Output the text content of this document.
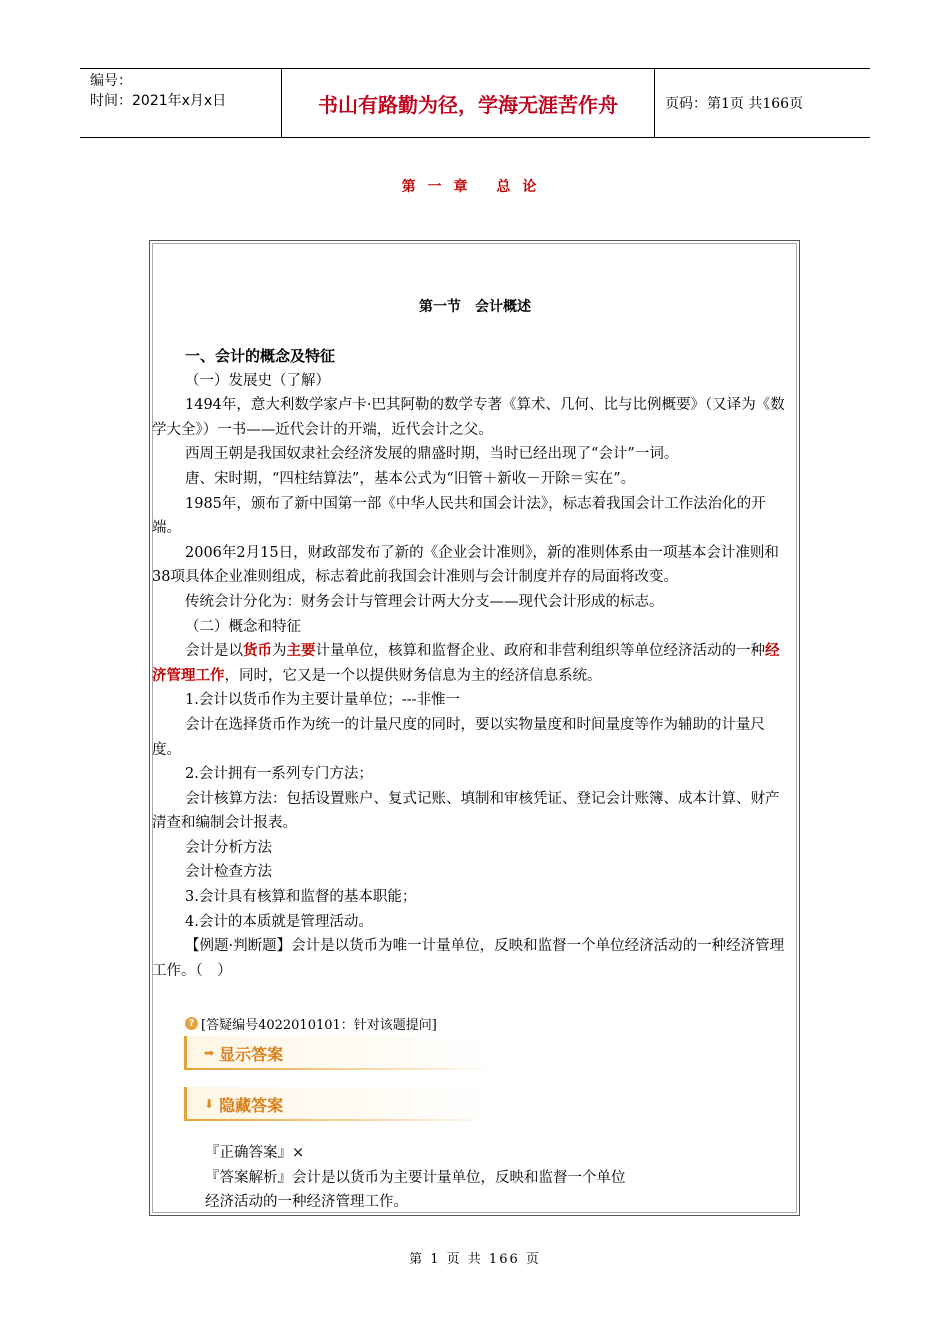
编号：
时间：2021年x月x日	书山有路勤为径，学海无涯苦作舟	页码：第1页 共166页
第一章 总论
第一节　会计概述

一、会计的概念及特征

（一）发展史（了解）

1494年，意大利数学家卢卡·巴其阿勒的数学专著《算术、几何、比与比例概要》（又译为《数学大全》）一书——近代会计的开端，近代会计之父。

西周王朝是我国奴隶社会经济发展的鼎盛时期，当时已经出现了“会计”一词。

唐、宋时期，“四柱结算法”，基本公式为“旧管＋新收－开除＝实在”。

1985年，颁布了新中国第一部《中华人民共和国会计法》，标志着我国会计工作法治化的开端。

2006年2月15日，财政部发布了新的《企业会计准则》，新的准则体系由一项基本会计准则和38项具体企业准则组成，标志着此前我国会计准则与会计制度并存的局面将改变。

传统会计分化为：财务会计与管理会计两大分支——现代会计形成的标志。

（二）概念和特征

会计是以货币为主要计量单位，核算和监督企业、政府和非营利组织等单位经济活动的一种经济管理工作，同时，它又是一个以提供财务信息为主的经济信息系统。

1.会计以货币作为主要计量单位；---非惟一

会计在选择货币作为统一的计量尺度的同时，要以实物量度和时间量度等作为辅助的计量尺度。

2.会计拥有一系列专门方法；

会计核算方法：包括设置账户、复式记账、填制和审核凭证、登记会计账簿、成本计算、财产清查和编制会计报表。

会计分析方法

会计检查方法

3.会计具有核算和监督的基本职能；

4.会计的本质就是管理活动。

【例题·判断题】会计是以货币为唯一计量单位，反映和监督一个单位经济活动的一种经济管理工作。（　）

? [答疑编号4022010101：针对该题提问]
➡ 显示答案
⬇ 隐藏答案

『正确答案』×

『答案解析』会计是以货币为主要计量单位，反映和监督一个单位

经济活动的一种经济管理工作。

第 1 页 共 166 页
